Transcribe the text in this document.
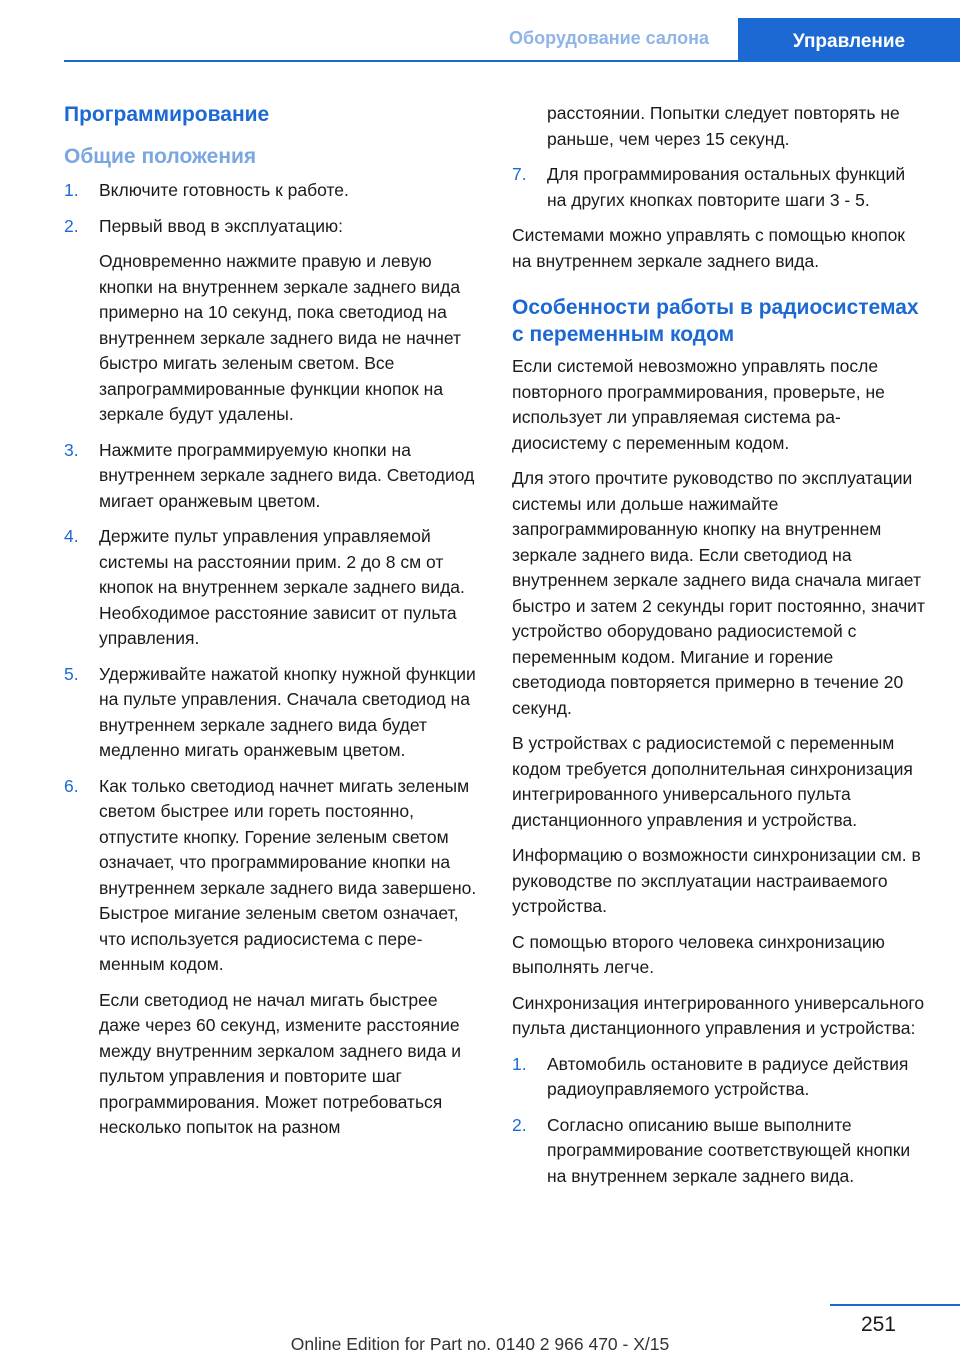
Оборудование салона	Управление
Программирование
Общие положения
1. Включите готовность к работе.

2. Первый ввод в эксплуатацию:

Одновременно нажмите правую и левую кнопки на внутреннем зеркале заднего вида примерно на 10 секунд, пока светодиод на внутреннем зеркале заднего вида не начнет быстро мигать зеленым светом. Все запрограммированные функции кнопок на зеркале будут удалены.

3. Нажмите программируемую кнопки на внутреннем зеркале заднего вида. Светодиод мигает оранжевым цветом.

4. Держите пульт управления управляемой системы на расстоянии прим. 2 до 8 см от кнопок на внутреннем зеркале заднего вида. Необходимое расстояние зависит от пульта управления.

5. Удерживайте нажатой кнопку нужной функции на пульте управления. Сначала светодиод на внутреннем зеркале заднего вида будет медленно мигать оранжевым цветом.

6. Как только светодиод начнет мигать зеленым светом быстрее или гореть постоянно, отпустите кнопку. Горение зеленым светом означает, что программирование кнопки на внутреннем зеркале заднего вида завершено. Быстрое мигание зеленым светом означает, что используется радиосистема с переменным кодом.

Если светодиод не начал мигать быстрее даже через 60 секунд, измените расстояние между внутренним зеркалом заднего вида и пультом управления и повторите шаг программирования. Может потребоваться несколько попыток на разном

расстоянии. Попытки следует повторять не раньше, чем через 15 секунд.

7. Для программирования остальных функций на других кнопках повторите шаги 3 - 5.

Системами можно управлять с помощью кнопок на внутреннем зеркале заднего вида.

Особенности работы в радиосистемах с переменным кодом

Если системой невозможно управлять после повторного программирования, проверьте, не использует ли управляемая система радиосистему с переменным кодом.

Для этого прочтите руководство по эксплуатации системы или дольше нажимайте запрограммированную кнопку на внутреннем зеркале заднего вида. Если светодиод на внутреннем зеркале заднего вида сначала мигает быстро и затем 2 секунды горит постоянно, значит устройство оборудовано радиосистемой с переменным кодом. Мигание и горение светодиода повторяется примерно в течение 20 секунд.

В устройствах с радиосистемой с переменным кодом требуется дополнительная синхронизация интегрированного универсального пульта дистанционного управления и устройства.

Информацию о возможности синхронизации см. в руководстве по эксплуатации настраиваемого устройства.

С помощью второго человека синхронизацию выполнять легче.

Синхронизация интегрированного универсального пульта дистанционного управления и устройства:

1. Автомобиль остановите в радиусе действия радиоуправляемого устройства.

2. Согласно описанию выше выполните программирование соответствующей кнопки на внутреннем зеркале заднего вида.

251
Online Edition for Part no. 0140 2 966 470 - X/15
